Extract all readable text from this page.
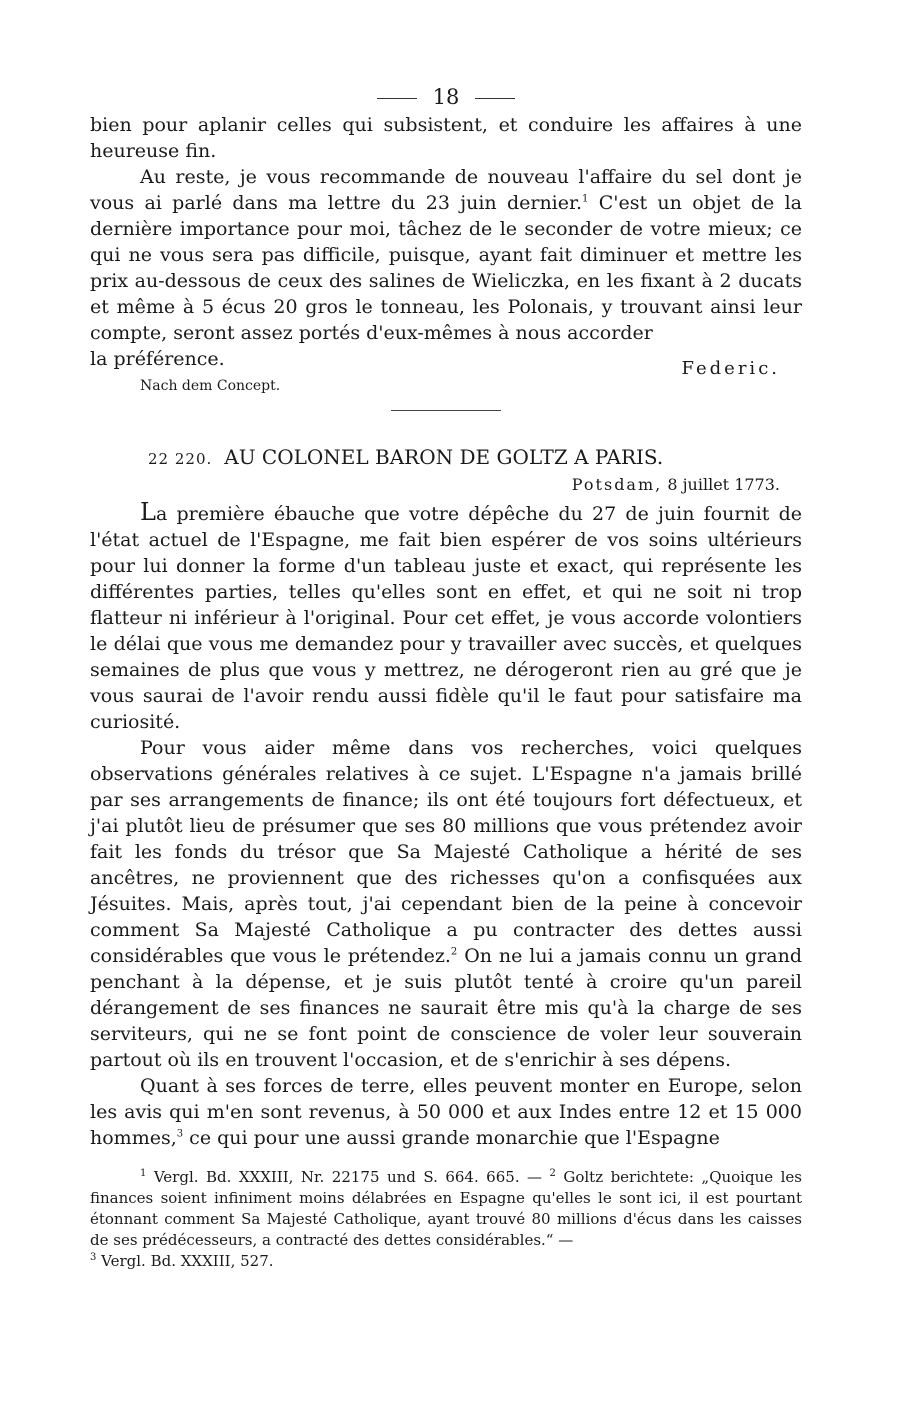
18

bien pour aplanir celles qui subsistent, et conduire les affaires à une heureuse fin.

Au reste, je vous recommande de nouveau l'affaire du sel dont je vous ai parlé dans ma lettre du 23 juin dernier.$^1$ C'est un objet de la dernière importance pour moi, tâchez de le seconder de votre mieux; ce qui ne vous sera pas difficile, puisque, ayant fait diminuer et mettre les prix au-dessous de ceux des salines de Wieliczka, en les fixant à 2 ducats et même à 5 écus 20 gros le tonneau, les Polonais, y trouvant ainsi leur compte, seront assez portés d'eux-mêmes à nous accorder

la préférence.

Nach dem Concept.
Federic.
22 220. AU COLONEL BARON DE GOLTZ A PARIS.
Potsdam, 8 juillet 1773.

La première ébauche que votre dépêche du 27 de juin fournit de l'état actuel de l'Espagne, me fait bien espérer de vos soins ultérieurs pour lui donner la forme d'un tableau juste et exact, qui représente les différentes parties, telles qu'elles sont en effet, et qui ne soit ni trop flatteur ni inférieur à l'original. Pour cet effet, je vous accorde volontiers le délai que vous me demandez pour y travailler avec succès, et quelques semaines de plus que vous y mettrez, ne dérogeront rien au gré que je vous saurai de l'avoir rendu aussi fidèle qu'il le faut pour satisfaire ma curiosité.

Pour vous aider même dans vos recherches, voici quelques observations générales relatives à ce sujet. L'Espagne n'a jamais brillé par ses arrangements de finance; ils ont été toujours fort défectueux, et j'ai plutôt lieu de présumer que ses 80 millions que vous prétendez avoir fait les fonds du trésor que Sa Majesté Catholique a hérité de ses ancêtres, ne proviennent que des richesses qu'on a confisquées aux Jésuites. Mais, après tout, j'ai cependant bien de la peine à concevoir comment Sa Majesté Catholique a pu contracter des dettes aussi considérables que vous le prétendez.$^2$ On ne lui a jamais connu un grand penchant à la dépense, et je suis plutôt tenté à croire qu'un pareil dérangement de ses finances ne saurait être mis qu'à la charge de ses serviteurs, qui ne se font point de conscience de voler leur souverain partout où ils en trouvent l'occasion, et de s'enrichir à ses dépens.

Quant à ses forces de terre, elles peuvent monter en Europe, selon les avis qui m'en sont revenus, à 50 000 et aux Indes entre 12 et 15 000 hommes,$^3$ ce qui pour une aussi grande monarchie que l'Espagne

$^1$ Vergl. Bd. XXXIII, Nr. 22175 und S. 664. 665. — $^2$ Goltz berichtete: „Quoique les finances soient infiniment moins délabrées en Espagne qu'elles le sont ici, il est pourtant étonnant comment Sa Majesté Catholique, ayant trouvé 80 millions d'écus dans les caisses de ses prédécesseurs, a contracté des dettes considérables.“ —

$^3$ Vergl. Bd. XXXIII, 527.
